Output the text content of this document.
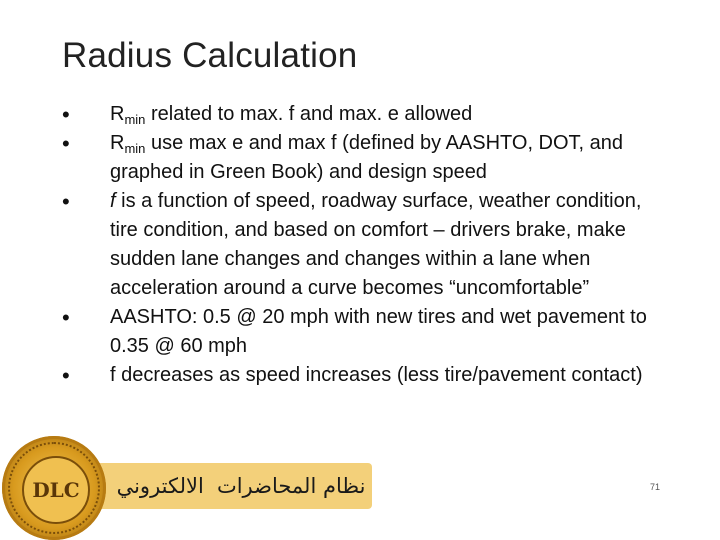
Radius Calculation
• $R_{min}$ related to max. f and max. e allowed
• $R_{min}$ use max e and max f (defined by AASHTO, DOT, and graphed in Green Book) and design speed
• f is a function of speed, roadway surface, weather condition, tire condition, and based on comfort – drivers brake, make sudden lane changes and changes within a lane when acceleration around a curve becomes “uncomfortable”
• AASHTO: 0.5 @ 20 mph with new tires and wet pavement to 0.35 @ 60 mph
• f decreases as speed increases (less tire/pavement contact)
نظام المحاضرات
الالكتروني
DLC	71
